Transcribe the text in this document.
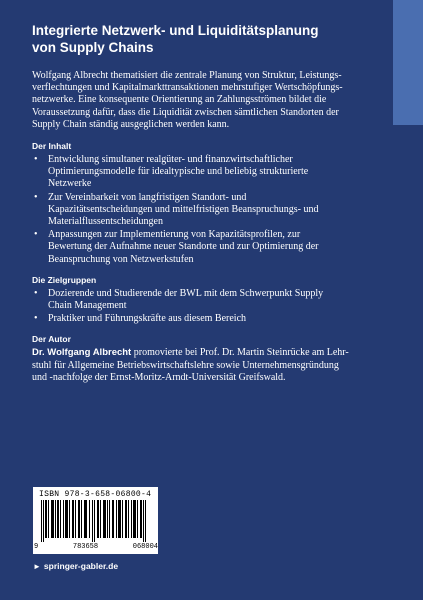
Integrierte Netzwerk- und Liquiditätsplanung
von Supply Chains

Wolfgang Albrecht thematisiert die zentrale Planung von Struktur, Leistungs-
verflechtungen und Kapitalmarkttransaktionen mehrstufiger Wertschöpfungs-
netzwerke. Eine konsequente Orientierung an Zahlungsströmen bildet die
Voraussetzung dafür, dass die Liquidität zwischen sämtlichen Standorten der
Supply Chain ständig ausgeglichen werden kann.

Der Inhalt
• Entwicklung simultaner realgüter- und finanzwirtschaftlicher
Optimierungsmodelle für idealtypische und beliebig strukturierte
Netzwerke
• Zur Vereinbarkeit von langfristigen Standort- und
Kapazitätsentscheidungen und mittelfristigen Beanspruchungs- und
Materialflussentscheidungen
• Anpassungen zur Implementierung von Kapazitätsprofilen, zur
Bewertung der Aufnahme neuer Standorte und zur Optimierung der
Beanspruchung von Netzwerkstufen
Die Zielgruppen
• Dozierende und Studierende der BWL mit dem Schwerpunkt Supply
Chain Management
• Praktiker und Führungskräfte aus diesem Bereich
Der Autor
Dr. Wolfgang Albrecht promovierte bei Prof. Dr. Martin Steinrücke am Lehr-
stuhl für Allgemeine Betriebswirtschaftslehre sowie Unternehmensgründung
und -nachfolge der Ernst-Moritz-Arndt-Universität Greifswald.
ISBN 978-3-658-06800-4
9	783658	068004
► springer-gabler.de
